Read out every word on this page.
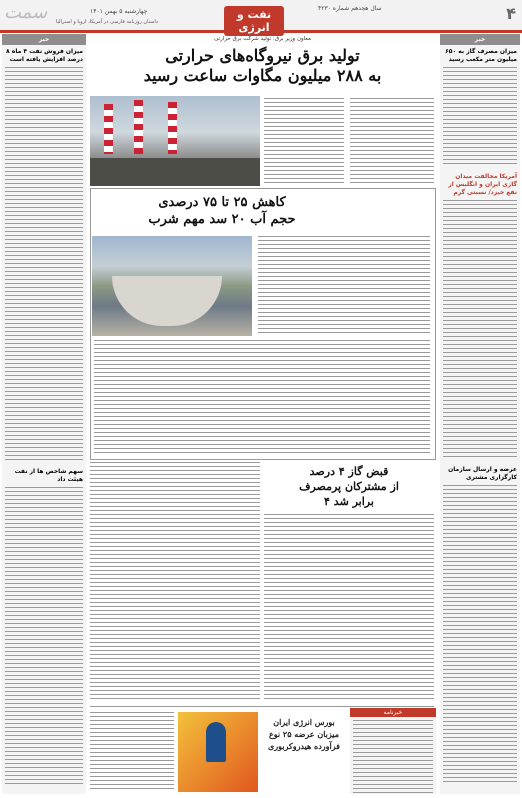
سمت	۴
نفت و انرژی
سال هجدهم شماره ۴۲۳۰
چهارشنبه ۵ بهمن ۱۴۰۱
داستان روزنامه فارسی در آمریکا، اروپا و استرالیا
خبر
میزان مصرف گاز به ۶۵۰ میلیون متر مکعب رسید
آمریکا مخالفت میدان گازی ایران و انگلیس از نفع خیزد/ نسبتی گرم
عرضه و ارسال سازمان کارگزاری مشتری
خبر
میزان فروش نفت ۴ ماه ۸ درصد افزایش یافته است
سهم شاخص ها از نفت هیئت داد
معاون وزیر برق: تولید شرکت برق حرارتی
تولید برق نیروگاه‌های حرارتی
به ۲۸۸ میلیون مگاوات ساعت رسید
کاهش ۲۵ تا ۷۵ درصدی
حجم آب ۲۰ سد مهم شرب
قبض گاز ۴ درصد
از مشترکان پرمصرف
۴ برابر شد
خبرنامه
بورس انرژی ایران
میزبان عرضه ۲۵ نوع
فرآورده هیدروکربوری
